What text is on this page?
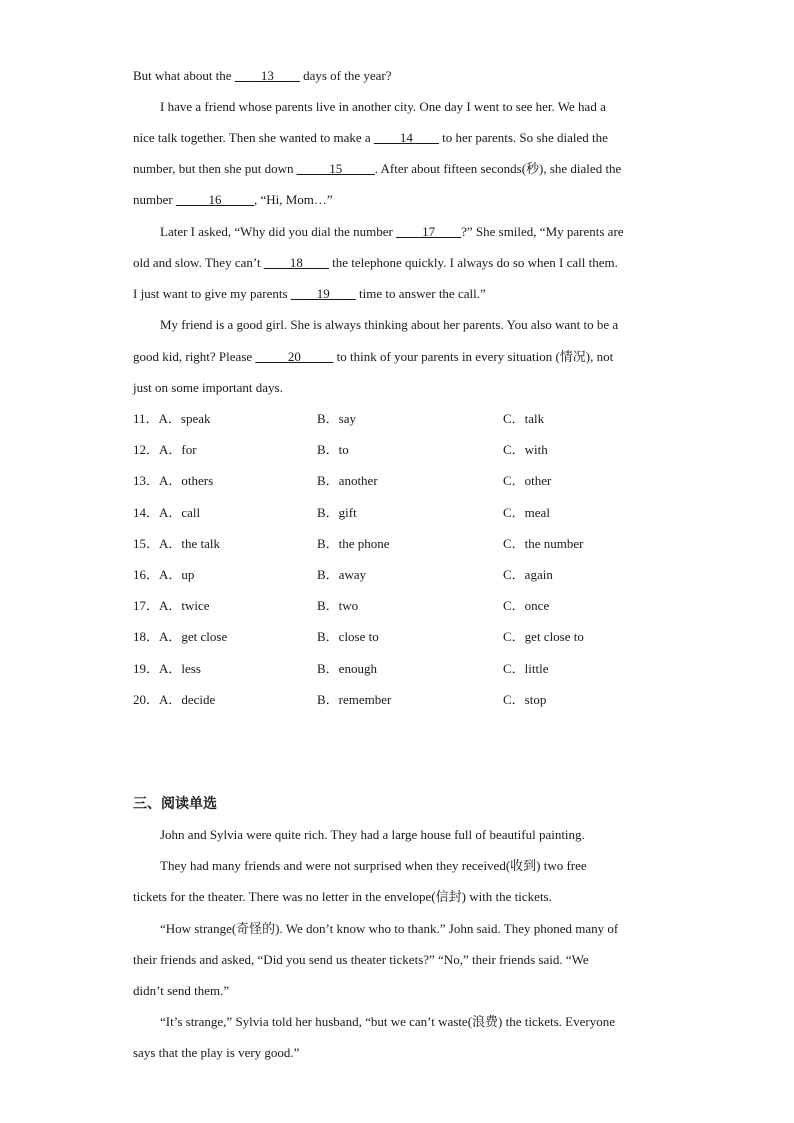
But what about the ____13____ days of the year?
I have a friend whose parents live in another city. One day I went to see her. We had a
nice talk together. Then she wanted to make a ____14____ to her parents. So she dialed the
number, but then she put down _____15_____. After about fifteen seconds(秒), she dialed the
number _____16_____, “Hi, Mom…”
Later I asked, “Why did you dial the number ____17____?” She smiled, “My parents are
old and slow. They can’t ____18____ the telephone quickly. I always do so when I call them.
I just want to give my parents ____19____ time to answer the call.”
My friend is a good girl. She is always thinking about her parents. You also want to be a
good kid, right? Please _____20_____ to think of your parents in every situation (情况), not
just on some important days.
11．A．speak	B．say	C．talk
12．A．for	B．to	C．with
13．A．others	B．another	C．other
14．A．call	B．gift	C．meal
15．A．the talk	B．the phone	C．the number
16．A．up	B．away	C．again
17．A．twice	B．two	C．once
18．A．get close	B．close to	C．get close to
19．A．less	B．enough	C．little
20．A．decide	B．remember	C．stop
三、阅读单选
John and Sylvia were quite rich. They had a large house full of beautiful painting.
They had many friends and were not surprised when they received(收到) two free
tickets for the theater. There was no letter in the envelope(信封) with the tickets.
“How strange(奇怪的). We don’t know who to thank.” John said. They phoned many of
their friends and asked, “Did you send us theater tickets?” “No,” their friends said. “We
didn’t send them.”
“It’s strange,” Sylvia told her husband, “but we can’t waste(浪费) the tickets. Everyone
says that the play is very good.”
